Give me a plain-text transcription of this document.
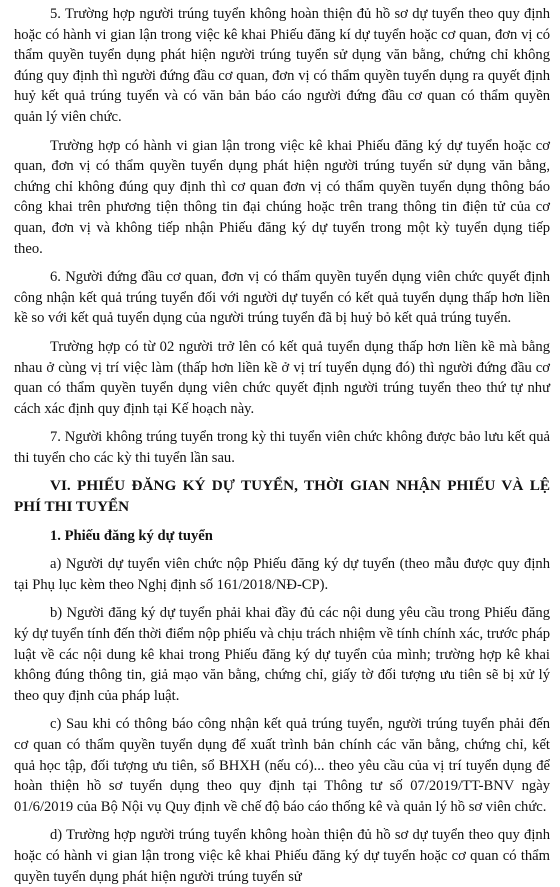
5. Trường hợp người trúng tuyển không hoàn thiện đủ hồ sơ dự tuyển theo quy định hoặc có hành vi gian lận trong việc kê khai Phiếu đăng kí dự tuyển hoặc cơ quan, đơn vị có thẩm quyền tuyển dụng phát hiện người trúng tuyển sử dụng văn bằng, chứng chỉ không đúng quy định thì người đứng đầu cơ quan, đơn vị có thẩm quyền tuyển dụng ra quyết định huỷ kết quả trúng tuyển và có văn bản báo cáo người đứng đầu cơ quan có thẩm quyền quản lý viên chức.

Trường hợp có hành vi gian lận trong việc kê khai Phiếu đăng ký dự tuyển hoặc cơ quan, đơn vị có thẩm quyền tuyển dụng phát hiện người trúng tuyển sử dụng văn bằng, chứng chỉ không đúng quy định thì cơ quan đơn vị có thẩm quyền tuyển dụng thông báo công khai trên phương tiện thông tin đại chúng hoặc trên trang thông tin điện tử của cơ quan, đơn vị và không tiếp nhận Phiếu đăng ký dự tuyển trong một kỳ tuyển dụng tiếp theo.

6. Người đứng đầu cơ quan, đơn vị có thẩm quyền tuyển dụng viên chức quyết định công nhận kết quả trúng tuyển đối với người dự tuyển có kết quả tuyển dụng thấp hơn liền kề so với kết quả tuyển dụng của người trúng tuyển đã bị huỷ bỏ kết quả trúng tuyển.

Trường hợp có từ 02 người trở lên có kết quả tuyển dụng thấp hơn liền kề mà bằng nhau ở cùng vị trí việc làm (thấp hơn liền kề ở vị trí tuyển dụng đó) thì người đứng đầu cơ quan có thẩm quyền tuyển dụng viên chức quyết định người trúng tuyển theo thứ tự như cách xác định quy định tại Kế hoạch này.

7. Người không trúng tuyển trong kỳ thi tuyển viên chức không được bảo lưu kết quả thi tuyển cho các kỳ thi tuyển lần sau.

VI. PHIẾU ĐĂNG KÝ DỰ TUYỂN, THỜI GIAN NHẬN PHIẾU VÀ LỆ PHÍ THI TUYỂN
1. Phiếu đăng ký dự tuyển

a) Người dự tuyển viên chức nộp Phiếu đăng ký dự tuyển (theo mẫu được quy định tại Phụ lục kèm theo Nghị định số 161/2018/NĐ-CP).

b) Người đăng ký dự tuyển phải khai đầy đủ các nội dung yêu cầu trong Phiếu đăng ký dự tuyển tính đến thời điểm nộp phiếu và chịu trách nhiệm về tính chính xác, trước pháp luật về các nội dung kê khai trong Phiếu đăng ký dự tuyển của mình; trường hợp kê khai không đúng thông tin, giả mạo văn bằng, chứng chỉ, giấy tờ đối tượng ưu tiên sẽ bị xử lý theo quy định của pháp luật.

c) Sau khi có thông báo công nhận kết quả trúng tuyển, người trúng tuyển phải đến cơ quan có thẩm quyền tuyển dụng để xuất trình bản chính các văn bằng, chứng chỉ, kết quả học tập, đối tượng ưu tiên, sổ BHXH (nếu có)... theo yêu cầu của vị trí tuyển dụng để hoàn thiện hồ sơ tuyển dụng theo quy định tại Thông tư số 07/2019/TT-BNV ngày 01/6/2019 của Bộ Nội vụ Quy định về chế độ báo cáo thống kê và quản lý hồ sơ viên chức.

d) Trường hợp người trúng tuyển không hoàn thiện đủ hồ sơ dự tuyển theo quy định hoặc có hành vi gian lận trong việc kê khai Phiếu đăng ký dự tuyển hoặc cơ quan có thẩm quyền tuyển dụng phát hiện người trúng tuyển sử
